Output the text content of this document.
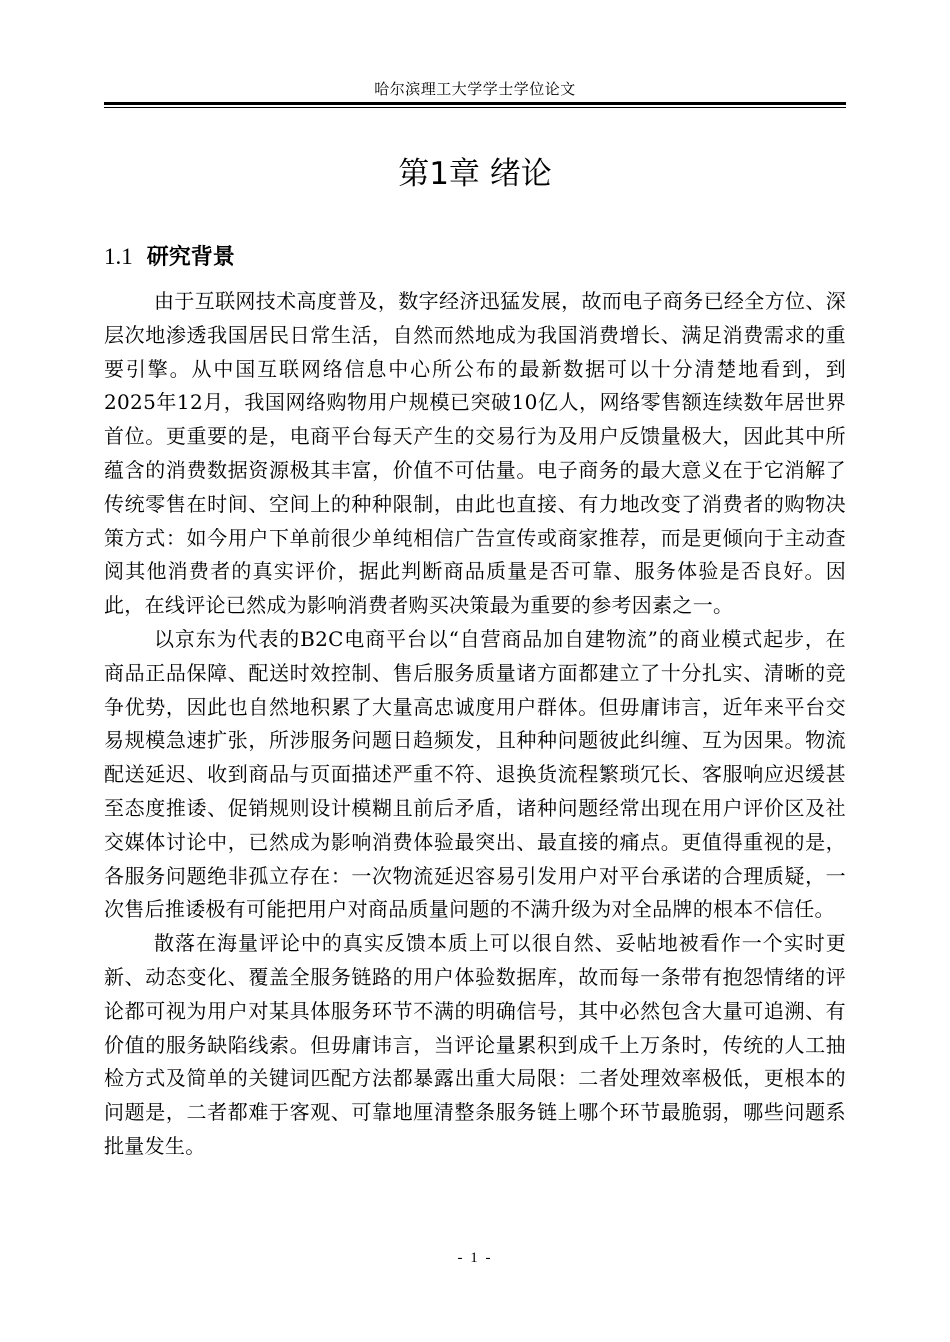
哈尔滨理工大学学士学位论文
第1章 绪论
1.1 研究背景

由于互联网技术高度普及，数字经济迅猛发展，故而电子商务已经全方位、深层次地渗透我国居民日常生活，自然而然地成为我国消费增长、满足消费需求的重要引擎。从中国互联网络信息中心所公布的最新数据可以十分清楚地看到，到2025年12月，我国网络购物用户规模已突破10亿人，网络零售额连续数年居世界首位。更重要的是，电商平台每天产生的交易行为及用户反馈量极大，因此其中所蕴含的消费数据资源极其丰富，价值不可估量。电子商务的最大意义在于它消解了传统零售在时间、空间上的种种限制，由此也直接、有力地改变了消费者的购物决策方式：如今用户下单前很少单纯相信广告宣传或商家推荐，而是更倾向于主动查阅其他消费者的真实评价，据此判断商品质量是否可靠、服务体验是否良好。因此，在线评论已然成为影响消费者购买决策最为重要的参考因素之一。

以京东为代表的B2C电商平台以“自营商品加自建物流”的商业模式起步，在商品正品保障、配送时效控制、售后服务质量诸方面都建立了十分扎实、清晰的竞争优势，因此也自然地积累了大量高忠诚度用户群体。但毋庸讳言，近年来平台交易规模急速扩张，所涉服务问题日趋频发，且种种问题彼此纠缠、互为因果。物流配送延迟、收到商品与页面描述严重不符、退换货流程繁琐冗长、客服响应迟缓甚至态度推诿、促销规则设计模糊且前后矛盾，诸种问题经常出现在用户评价区及社交媒体讨论中，已然成为影响消费体验最突出、最直接的痛点。更值得重视的是，各服务问题绝非孤立存在：一次物流延迟容易引发用户对平台承诺的合理质疑，一次售后推诿极有可能把用户对商品质量问题的不满升级为对全品牌的根本不信任。

散落在海量评论中的真实反馈本质上可以很自然、妥帖地被看作一个实时更新、动态变化、覆盖全服务链路的用户体验数据库，故而每一条带有抱怨情绪的评论都可视为用户对某具体服务环节不满的明确信号，其中必然包含大量可追溯、有价值的服务缺陷线索。但毋庸讳言，当评论量累积到成千上万条时，传统的人工抽检方式及简单的关键词匹配方法都暴露出重大局限：二者处理效率极低，更根本的问题是，二者都难于客观、可靠地厘清整条服务链上哪个环节最脆弱，哪些问题系批量发生。

- 1 -
